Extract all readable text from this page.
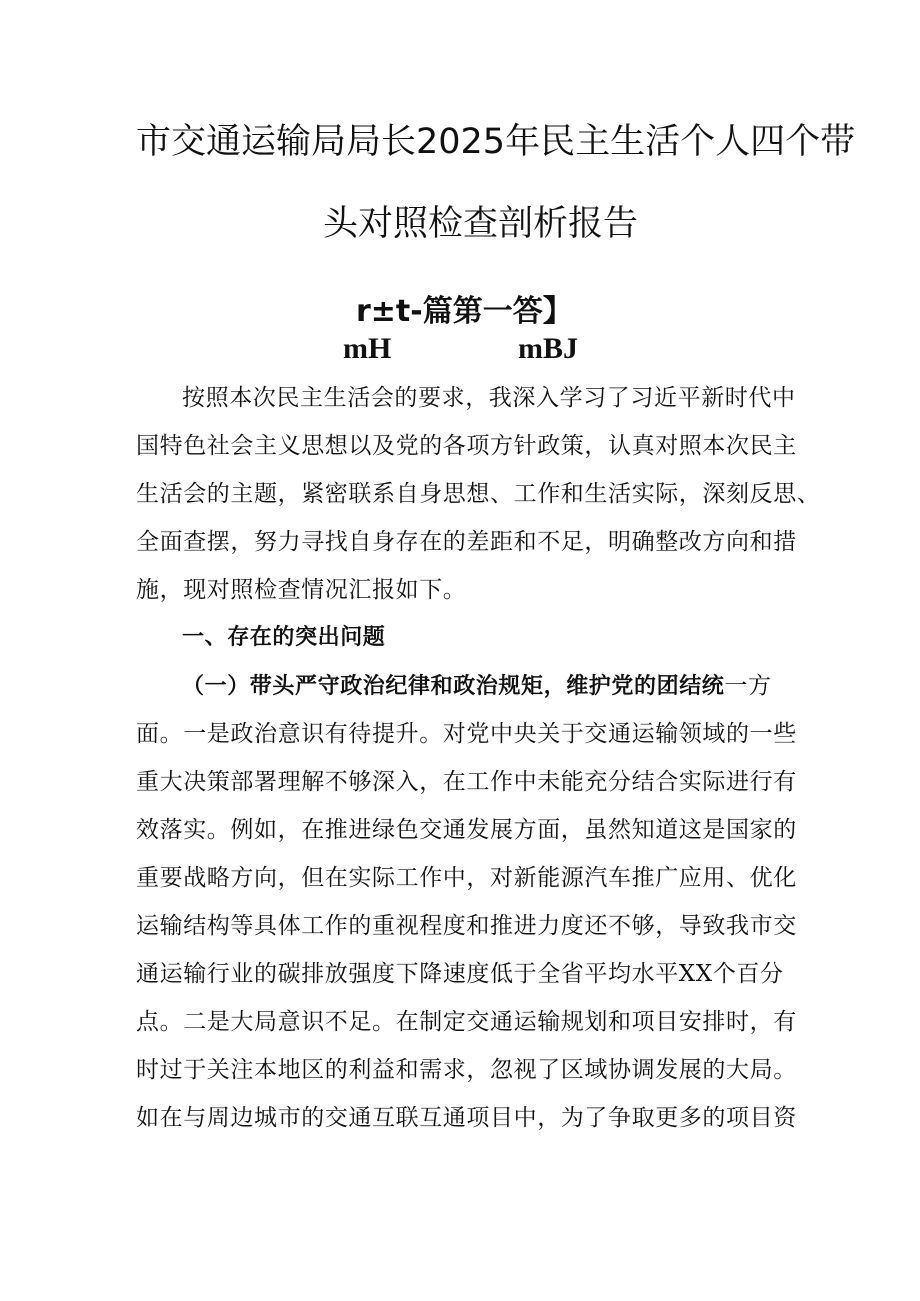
市交通运输局局长2025年民主生活个人四个带
头对照检查剖析报告
r±t-篇第一答】
mH	mBJ
按照本次民主生活会的要求，我深入学习了习近平新时代中
国特色社会主义思想以及党的各项方针政策，认真对照本次民主
生活会的主题，紧密联系自身思想、工作和生活实际，深刻反思、
全面查摆，努力寻找自身存在的差距和不足，明确整改方向和措
施，现对照检查情况汇报如下。
一、存在的突出问题
（一）带头严守政治纪律和政治规矩，维护党的团结统一方
面。一是政治意识有待提升。对党中央关于交通运输领域的一些
重大决策部署理解不够深入，在工作中未能充分结合实际进行有
效落实。例如，在推进绿色交通发展方面，虽然知道这是国家的
重要战略方向，但在实际工作中，对新能源汽车推广应用、优化
运输结构等具体工作的重视程度和推进力度还不够，导致我市交
通运输行业的碳排放强度下降速度低于全省平均水平XX个百分
点。二是大局意识不足。在制定交通运输规划和项目安排时，有
时过于关注本地区的利益和需求，忽视了区域协调发展的大局。
如在与周边城市的交通互联互通项目中，为了争取更多的项目资
